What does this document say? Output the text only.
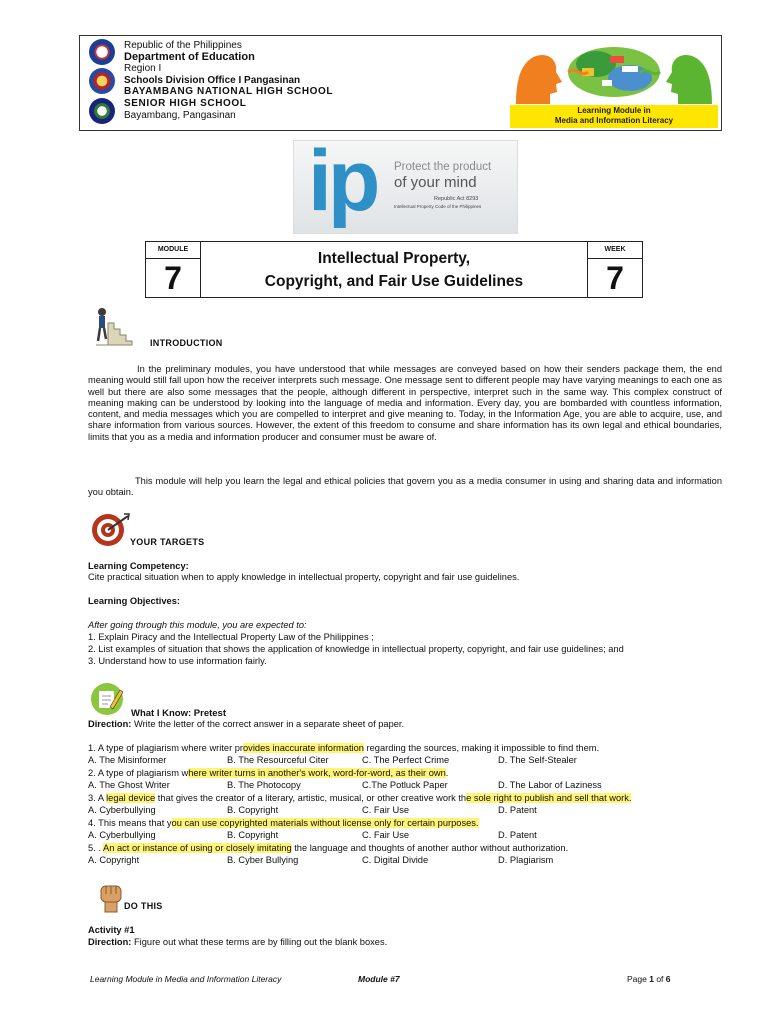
Republic of the Philippines
Department of Education
Region I
Schools Division Office I Pangasinan
BAYAMBANG NATIONAL HIGH SCHOOL
SENIOR HIGH SCHOOL
Bayambang, Pangasinan	Learning Module in
Media and Information Literacy
ip Protect the product
of your mind
Republic Act 8293
Intellectual Property Code of the Philippines
MODULE
7
Intellectual Property,
Copyright, and Fair Use Guidelines
WEEK
7
INTRODUCTION
In the preliminary modules, you have understood that while messages are conveyed based on how their senders package them, the end meaning would still fall upon how the receiver interprets such message. One message sent to different people may have varying meanings to each one as well but there are also some messages that the people, although different in perspective, interpret such in the same way. This complex construct of meaning making can be understood by looking into the language of media and information. Every day, you are bombarded with countless information, content, and media messages which you are compelled to interpret and give meaning to. Today, in the Information Age, you are able to acquire, use, and share information from various sources. However, the extent of this freedom to consume and share information has its own legal and ethical boundaries, limits that you as a media and information producer and consumer must be aware of.
This module will help you learn the legal and ethical policies that govern you as a media consumer in using and sharing data and information you obtain.
YOUR TARGETS
Learning Competency:
Cite practical situation when to apply knowledge in intellectual property, copyright and fair use guidelines.
Learning Objectives:
After going through this module, you are expected to:
1. Explain Piracy and the Intellectual Property Law of the Philippines ;
2. List examples of situation that shows the application of knowledge in intellectual property, copyright, and fair use guidelines; and
3. Understand how to use information fairly.
What I Know: Pretest
Direction: Write the letter of the correct answer in a separate sheet of paper.
1. A type of plagiarism where writer provides inaccurate information regarding the sources, making it impossible to find them.
A. The Misinformer	B. The Resourceful Citer	C. The Perfect Crime	D. The Self-Stealer
2. A type of plagiarism where writer turns in another's work, word-for-word, as their own.
A. The Ghost Writer	B. The Photocopy	C.The Potluck Paper	D. The Labor of Laziness
3. A legal device that gives the creator of a literary, artistic, musical, or other creative work the sole right to publish and sell that work.
A. Cyberbullying	B. Copyright	C. Fair Use	D. Patent
4. This means that you can use copyrighted materials without license only for certain purposes.
A. Cyberbullying	B. Copyright	C. Fair Use	D. Patent
5. . An act or instance of using or closely imitating the language and thoughts of another author without authorization.
A. Copyright	B. Cyber Bullying	C. Digital Divide	D. Plagiarism
DO THIS
Activity #1
Direction: Figure out what these terms are by filling out the blank boxes.
Learning Module in Media and Information Literacy	Module #7	Page 1 of 6
